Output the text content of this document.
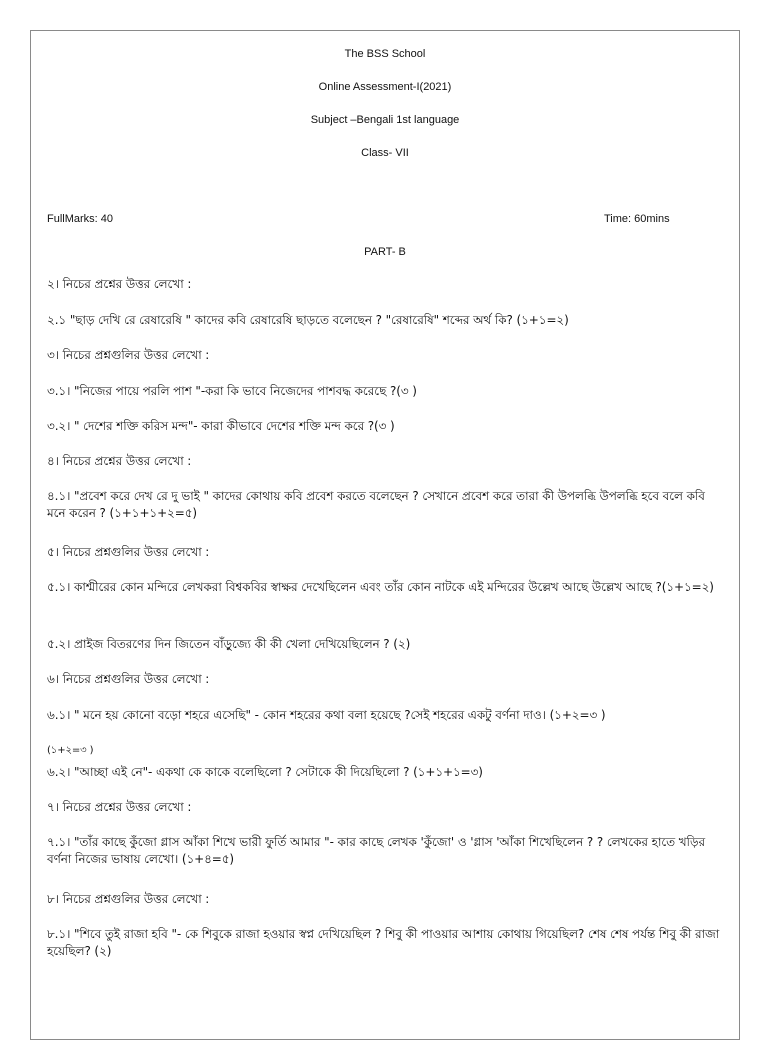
The BSS School
Online Assessment-I(2021)
Subject –Bengali 1st language
Class- VII
FullMarks: 40	Time: 60mins
PART- B
২। নিচের প্রশ্নের উত্তর লেখো :
২.১ "ছাড় দেখি রে রেষারেষি " কাদের কবি রেষারেষি ছাড়তে বলেছেন ? "রেষারেষি" শব্দের অর্থ কি? (১+১=২)
৩। নিচের প্রশ্নগুলির উত্তর লেখো :
৩.১। "নিজের পায়ে পরলি পাশ "-করা কি ভাবে নিজেদের পাশবদ্ধ করেছে ?(৩ )
৩.২। " দেশের শক্তি করিস মন্দ"- কারা কীভাবে দেশের শক্তি মন্দ করে ?(৩ )
৪। নিচের প্রশ্নের উত্তর লেখো :
৪.১। "প্রবেশ করে দেখ রে দু ভাই " কাদের কোথায় কবি প্রবেশ করতে বলেছেন ? সেখানে প্রবেশ করে তারা কী উপলব্ধি উপলব্ধি হবে বলে কবি মনে করেন ? (১+১+১+২=৫)
৫। নিচের প্রশ্নগুলির উত্তর লেখো :
৫.১। কাশ্মীরের কোন মন্দিরে লেখকরা বিশ্বকবির স্বাক্ষর দেখেছিলেন এবং তাঁর কোন নাটকে এই মন্দিরের উল্লেখ আছে উল্লেখ আছে ?(১+১=২)
৫.২। প্রাইজ বিতরণের দিন জিতেন বাঁড়ুজ্যে কী কী খেলা দেখিয়েছিলেন ? (২)
৬। নিচের প্রশ্নগুলির উত্তর লেখো :
৬.১। " মনে হয় কোনো বড়ো শহরে এসেছি" - কোন শহরের কথা বলা হয়েছে ?সেই শহরের একটু বর্ণনা দাও। (১+২=৩ )
(১+২=৩ )
৬.২। "আচ্ছা এই নে"- একথা কে কাকে বলেছিলো ? সেটাকে কী দিয়েছিলো ? (১+১+১=৩)
৭। নিচের প্রশ্নের উত্তর লেখো :
৭.১। "তাঁর কাছে কুঁজো গ্লাস আঁকা শিখে ভারী ফুর্তি আমার "- কার কাছে লেখক 'কুঁজো' ও 'গ্লাস 'আঁকা শিখেছিলেন ? ? লেখকের হাতে খড়ির বর্ণনা নিজের ভাষায় লেখো। (১+৪=৫)
৮। নিচের প্রশ্নগুলির উত্তর লেখো :
৮.১। "শিবে তুই রাজা হবি "- কে শিবুকে রাজা হওয়ার স্বপ্ন দেখিয়েছিল ? শিবু কী পাওয়ার আশায় কোথায় গিয়েছিল? শেষ শেষ পর্যন্ত শিবু কী রাজা হয়েছিল? (২)
